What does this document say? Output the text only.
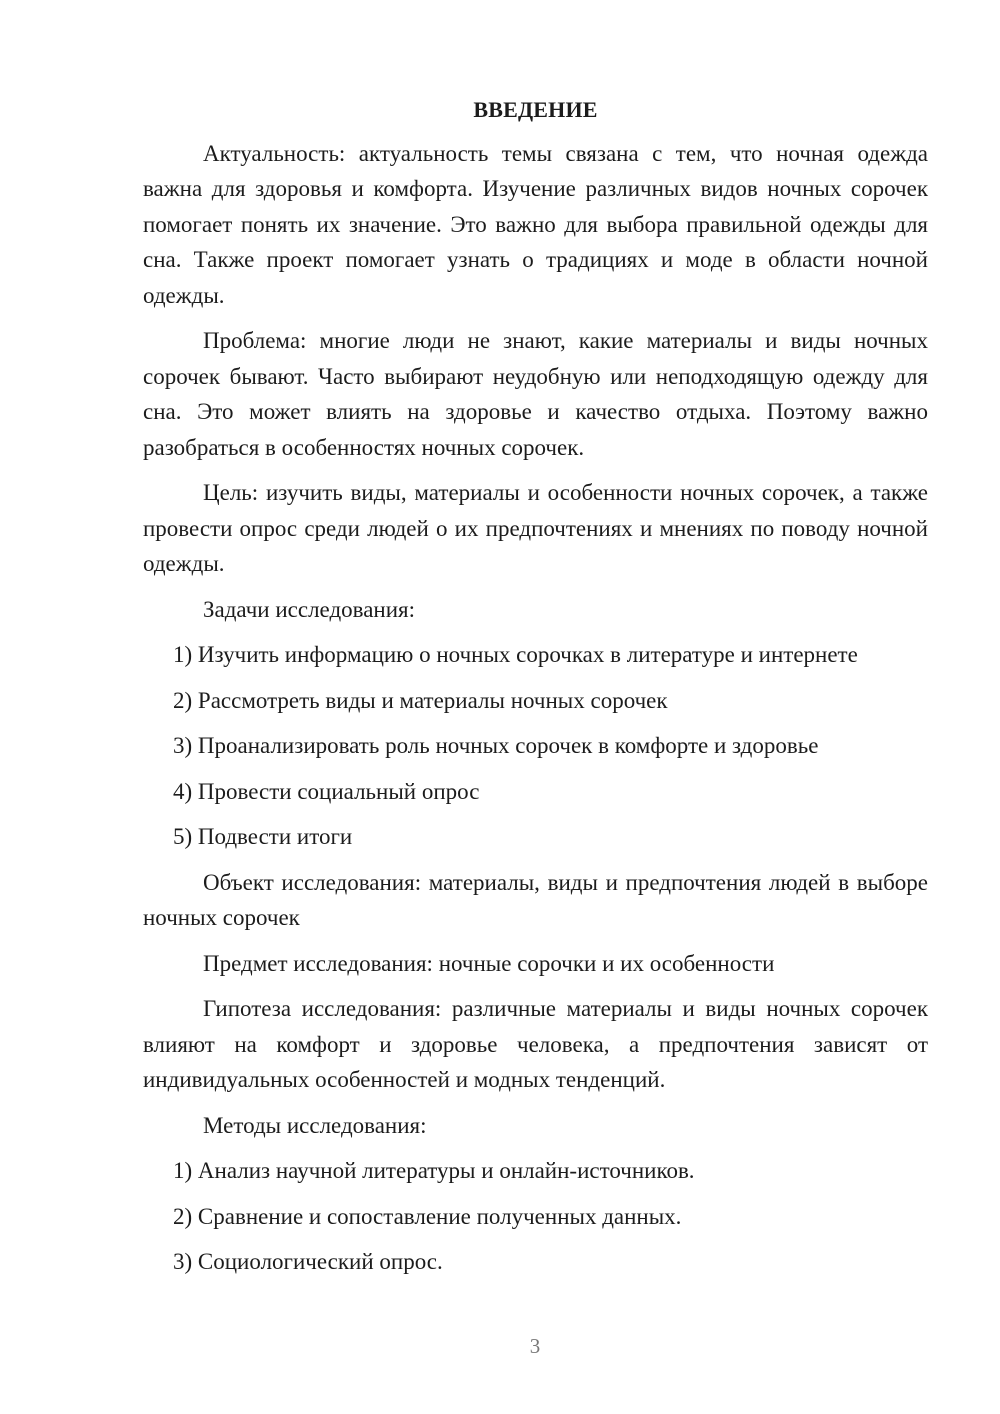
ВВЕДЕНИЕ
Актуальность: актуальность темы связана с тем, что ночная одежда важна для здоровья и комфорта. Изучение различных видов ночных сорочек помогает понять их значение. Это важно для выбора правильной одежды для сна. Также проект помогает узнать о традициях и моде в области ночной одежды.
Проблема: многие люди не знают, какие материалы и виды ночных сорочек бывают. Часто выбирают неудобную или неподходящую одежду для сна. Это может влиять на здоровье и качество отдыха. Поэтому важно разобраться в особенностях ночных сорочек.
Цель: изучить виды, материалы и особенности ночных сорочек, а также провести опрос среди людей о их предпочтениях и мнениях по поводу ночной одежды.
Задачи исследования:
1) Изучить информацию о ночных сорочках в литературе и интернете
2) Рассмотреть виды и материалы ночных сорочек
3) Проанализировать роль ночных сорочек в комфорте и здоровье
4) Провести социальный опрос
5) Подвести итоги
Объект исследования: материалы, виды и предпочтения людей в выборе ночных сорочек
Предмет исследования: ночные сорочки и их особенности
Гипотеза исследования: различные материалы и виды ночных сорочек влияют на комфорт и здоровье человека, а предпочтения зависят от индивидуальных особенностей и модных тенденций.
Методы исследования:
1) Анализ научной литературы и онлайн-источников.
2) Сравнение и сопоставление полученных данных.
3) Социологический опрос.
3
